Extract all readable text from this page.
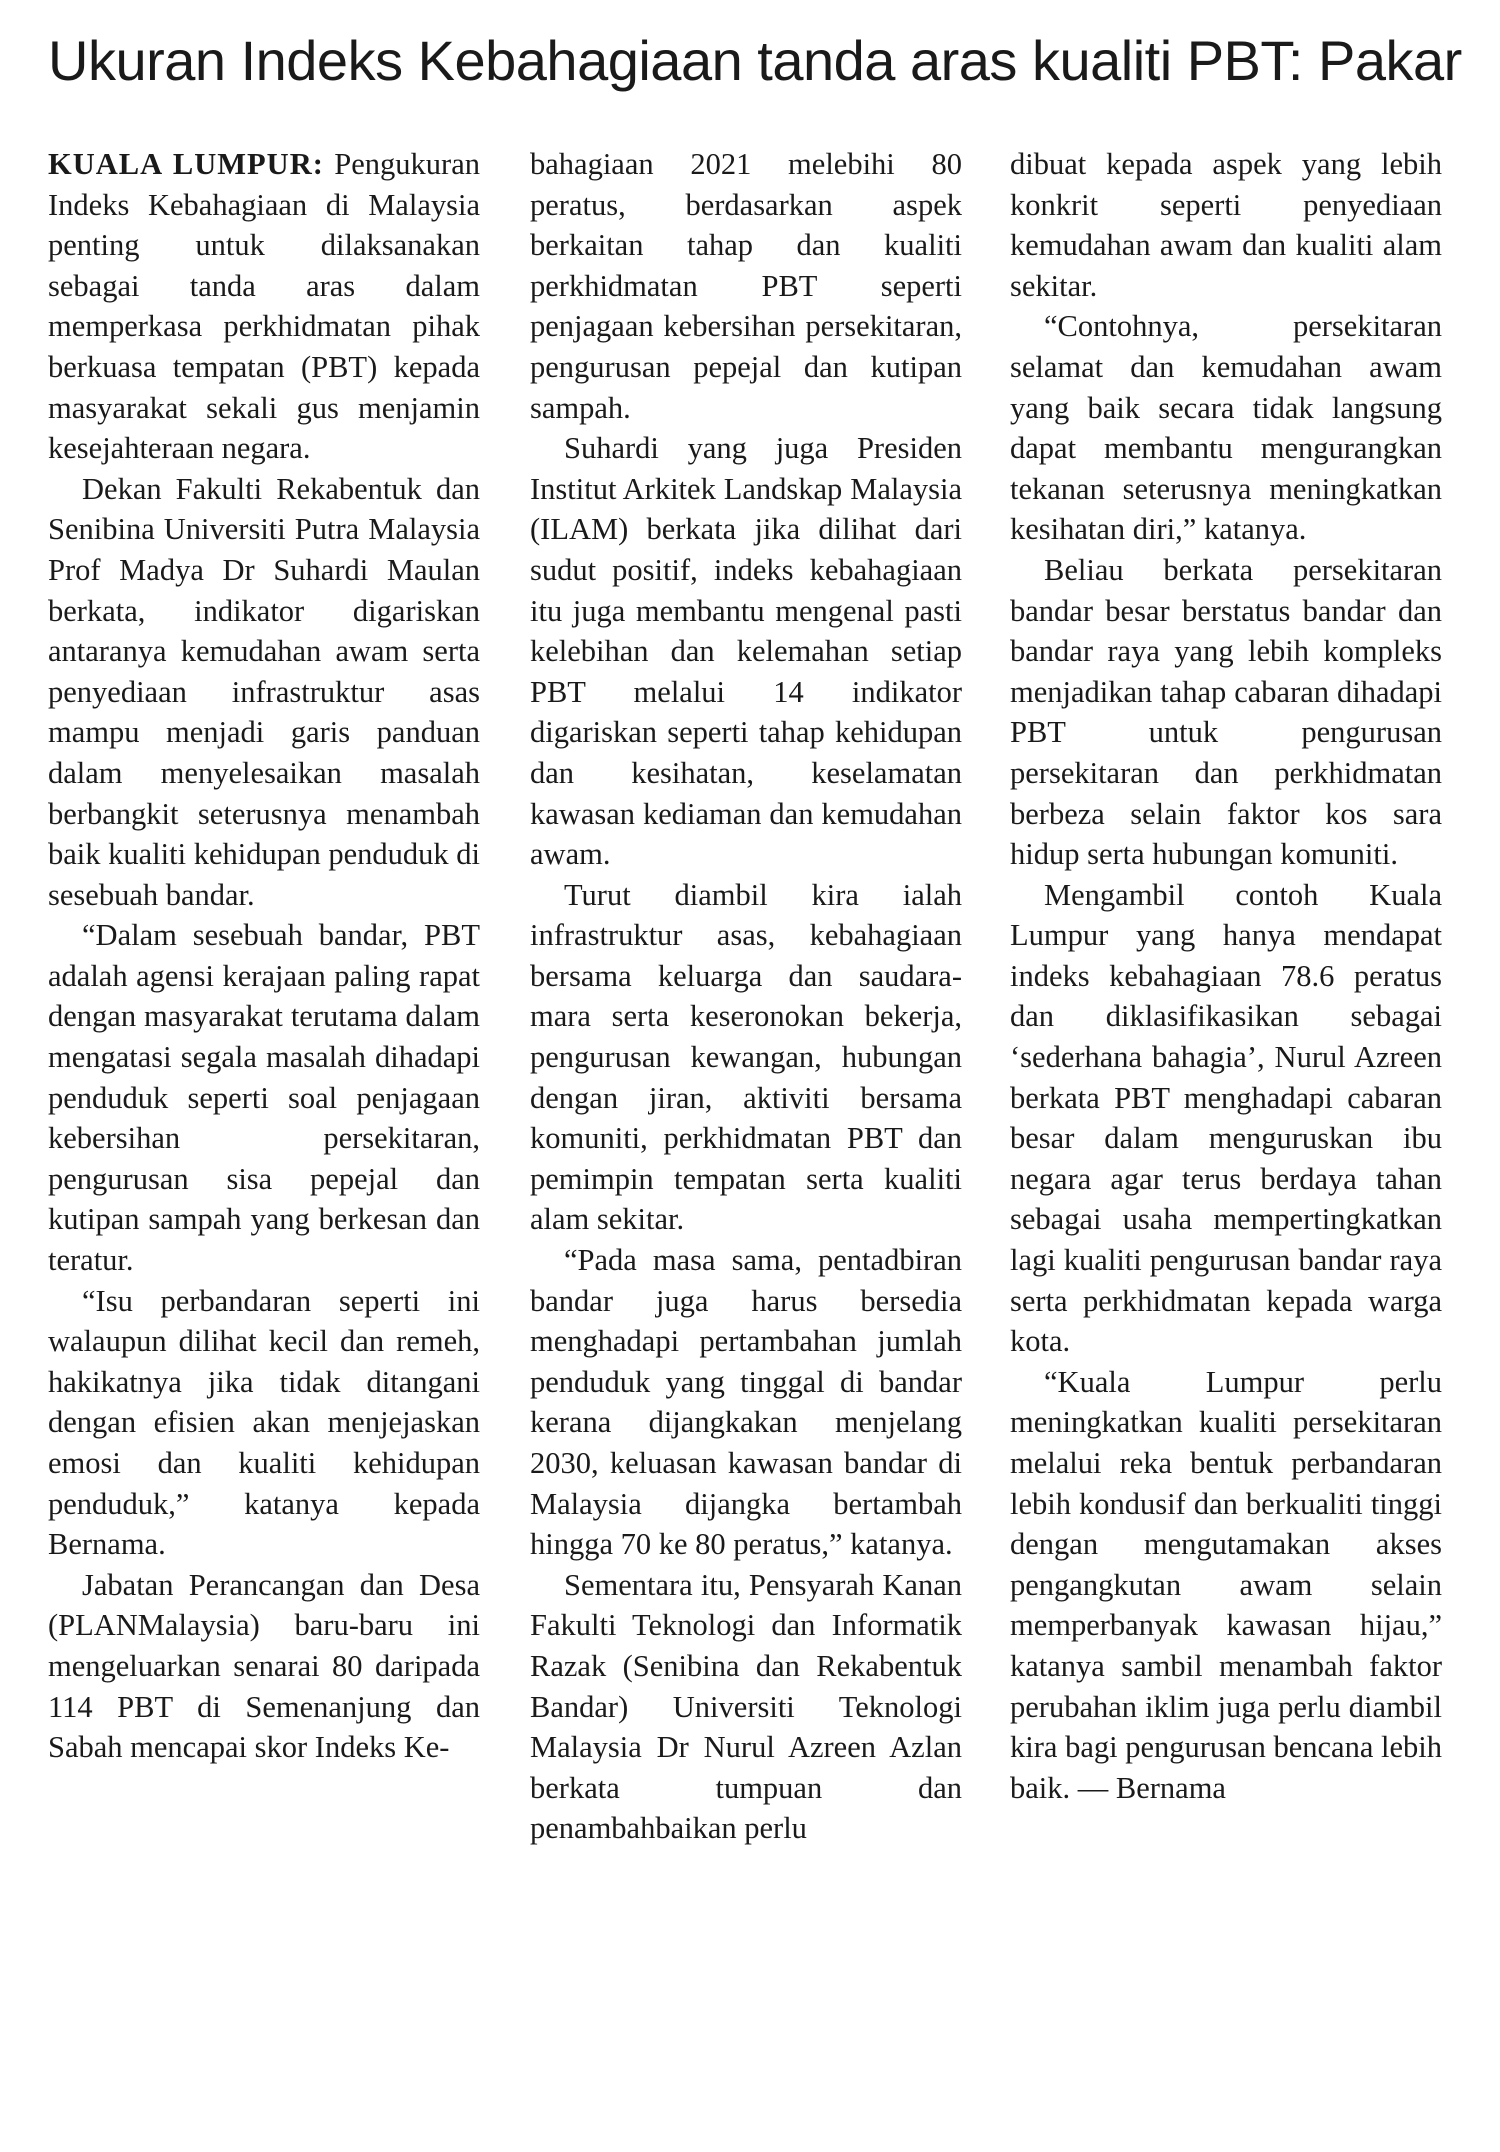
Ukuran Indeks Kebahagiaan tanda aras kualiti PBT: Pakar

KUALA LUMPUR: Pengukuran Indeks Kebahagiaan di Malaysia penting untuk dilaksanakan sebagai tanda aras dalam memperkasa perkhidmatan pihak berkuasa tempatan (PBT) kepada masyarakat sekali gus menjamin kesejahteraan negara.

Dekan Fakulti Rekabentuk dan Senibina Universiti Putra Malaysia Prof Madya Dr Suhardi Maulan berkata, indikator digariskan antaranya kemudahan awam serta penyediaan infrastruktur asas mampu menjadi garis panduan dalam menyelesaikan masalah berbangkit seterusnya menambah baik kualiti kehidupan penduduk di sesebuah bandar.

“Dalam sesebuah bandar, PBT adalah agensi kerajaan paling rapat dengan masyarakat terutama dalam mengatasi segala masalah dihadapi penduduk seperti soal penjagaan kebersihan persekitaran, pengurusan sisa pepejal dan kutipan sampah yang berkesan dan teratur.

“Isu perbandaran seperti ini walaupun dilihat kecil dan remeh, hakikatnya jika tidak ditangani dengan efisien akan menjejaskan emosi dan kualiti kehidupan penduduk,” katanya kepada Bernama.

Jabatan Perancangan dan Desa (PLANMalaysia) baru-baru ini mengeluarkan senarai 80 daripada 114 PBT di Semenanjung dan Sabah mencapai skor Indeks Ke-

bahagiaan 2021 melebihi 80 peratus, berdasarkan aspek berkaitan tahap dan kualiti perkhidmatan PBT seperti penjagaan kebersihan persekitaran, pengurusan pepejal dan kutipan sampah.

Suhardi yang juga Presiden Institut Arkitek Landskap Malaysia (ILAM) berkata jika dilihat dari sudut positif, indeks kebahagiaan itu juga membantu mengenal pasti kelebihan dan kelemahan setiap PBT melalui 14 indikator digariskan seperti tahap kehidupan dan kesihatan, keselamatan kawasan kediaman dan kemudahan awam.

Turut diambil kira ialah infrastruktur asas, kebahagiaan bersama keluarga dan saudara-mara serta keseronokan bekerja, pengurusan kewangan, hubungan dengan jiran, aktiviti bersama komuniti, perkhidmatan PBT dan pemimpin tempatan serta kualiti alam sekitar.

“Pada masa sama, pentadbiran bandar juga harus bersedia menghadapi pertambahan jumlah penduduk yang tinggal di bandar kerana dijangkakan menjelang 2030, keluasan kawasan bandar di Malaysia dijangka bertambah hingga 70 ke 80 peratus,” katanya.

Sementara itu, Pensyarah Kanan Fakulti Teknologi dan Informatik Razak (Senibina dan Rekabentuk Bandar) Universiti Teknologi Malaysia Dr Nurul Azreen Azlan berkata tumpuan dan penambahbaikan perlu

dibuat kepada aspek yang lebih konkrit seperti penyediaan kemudahan awam dan kualiti alam sekitar.

“Contohnya, persekitaran selamat dan kemudahan awam yang baik secara tidak langsung dapat membantu mengurangkan tekanan seterusnya meningkatkan kesihatan diri,” katanya.

Beliau berkata persekitaran bandar besar berstatus bandar dan bandar raya yang lebih kompleks menjadikan tahap cabaran dihadapi PBT untuk pengurusan persekitaran dan perkhidmatan berbeza selain faktor kos sara hidup serta hubungan komuniti.

Mengambil contoh Kuala Lumpur yang hanya mendapat indeks kebahagiaan 78.6 peratus dan diklasifikasikan sebagai ‘sederhana bahagia’, Nurul Azreen berkata PBT menghadapi cabaran besar dalam menguruskan ibu negara agar terus berdaya tahan sebagai usaha mempertingkatkan lagi kualiti pengurusan bandar raya serta perkhidmatan kepada warga kota.

“Kuala Lumpur perlu meningkatkan kualiti persekitaran melalui reka bentuk perbandaran lebih kondusif dan berkualiti tinggi dengan mengutamakan akses pengangkutan awam selain memperbanyak kawasan hijau,” katanya sambil menambah faktor perubahan iklim juga perlu diambil kira bagi pengurusan bencana lebih baik. — Bernama
